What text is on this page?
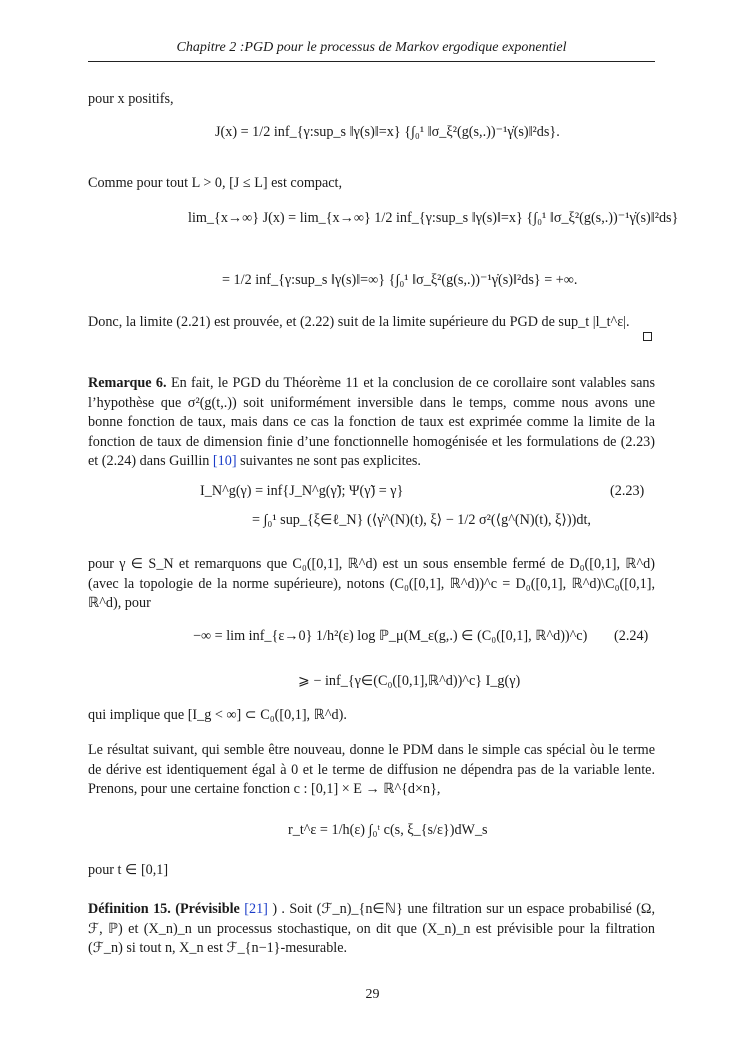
Chapitre 2 :PGD pour le processus de Markov ergodique exponentiel
pour x positifs,
J(x) = 1/2 inf_{γ:sup_s ‖γ(s)‖=x} {∫₀¹ ‖σ_ξ²(g(s,.))⁻¹γ̇(s)‖²ds}.
Comme pour tout L > 0, [J ≤ L] est compact,
lim_{x→∞} J(x) = lim_{x→∞} 1/2 inf_{γ:sup_s ‖γ(s)‖=x} {∫₀¹ ‖σ_ξ²(g(s,.))⁻¹γ̇(s)‖²ds}
= 1/2 inf_{γ:sup_s ‖γ(s)‖=∞} {∫₀¹ ‖σ_ξ²(g(s,.))⁻¹γ̇(s)‖²ds} = +∞.
Donc, la limite (2.21) est prouvée, et (2.22) suit de la limite supérieure du PGD de sup_t |l_t^ε|.
Remarque 6. En fait, le PGD du Théorème 11 et la conclusion de ce corollaire sont valables sans l’hypothèse que σ²(g(t,.)) soit uniformément inversible dans le temps, comme nous avons une bonne fonction de taux, mais dans ce cas la fonction de taux est exprimée comme la limite de la fonction de taux de dimension finie d’une fonctionnelle homogénisée et les formulations de (2.23) et (2.24) dans Guillin [10] suivantes ne sont pas explicites.
I_N^g(γ) = inf{J_N^g(γ̃); Ψ(γ̃) = γ}
= ∫₀¹ sup_{ξ∈ℓ_N} (⟨γ̇^(N)(t), ξ⟩ − 1/2 σ²(⟨g^(N)(t), ξ⟩))dt,
(2.23)
pour γ ∈ S_N et remarquons que C₀([0,1], ℝ^d) est un sous ensemble fermé de D₀([0,1], ℝ^d)(avec la topologie de la norme supérieure), notons (C₀([0,1], ℝ^d))^c = D₀([0,1], ℝ^d)\C₀([0,1], ℝ^d), pour
−∞ = lim inf_{ε→0} 1/h²(ε) log ℙ_μ(M_ε(g,.) ∈ (C₀([0,1], ℝ^d))^c)
⩾ − inf_{γ∈(C₀([0,1],ℝ^d))^c} I_g(γ)
(2.24)
qui implique que [I_g < ∞] ⊂ C₀([0,1], ℝ^d).
Le résultat suivant, qui semble être nouveau, donne le PDM dans le simple cas spécial òu le terme de dérive est identiquement égal à 0 et le terme de diffusion ne dépendra pas de la variable lente. Prenons, pour une certaine fonction c : [0,1] × E → ℝ^{d×n},
r_t^ε = 1/h(ε) ∫₀ᵗ c(s, ξ_{s/ε})dW_s
pour t ∈ [0,1]
Définition 15. (Prévisible [21] ) . Soit (ℱ_n)_{n∈ℕ} une filtration sur un espace probabilisé (Ω, ℱ, ℙ) et (X_n)_n un processus stochastique, on dit que (X_n)_n est prévisible pour la filtration (ℱ_n) si tout n, X_n est ℱ_{n−1}-mesurable.
29
